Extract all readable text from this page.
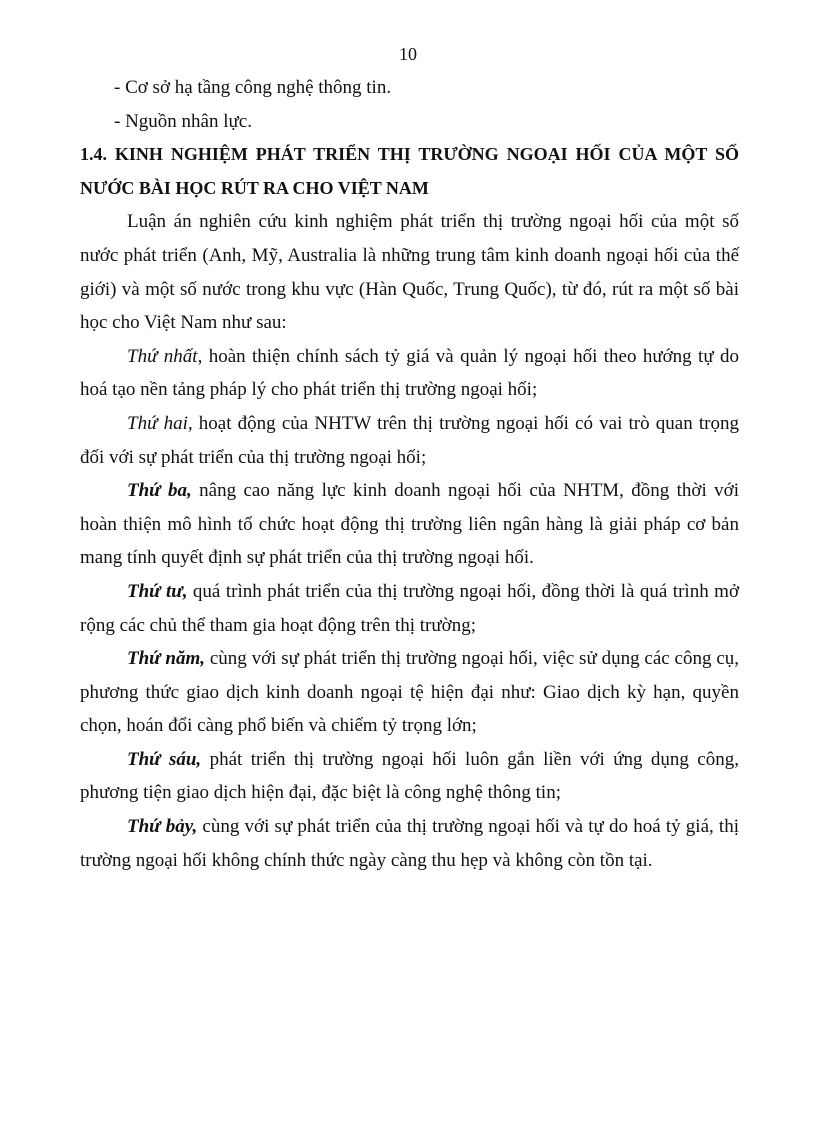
10

- Cơ sở hạ tầng công nghệ thông tin.

- Nguồn nhân lực.

1.4. KINH NGHIỆM PHÁT TRIỂN THỊ TRƯỜNG NGOẠI HỐI CỦA MỘT SỐ
NƯỚC BÀI HỌC RÚT RA CHO VIỆT NAM

Luận án nghiên cứu kinh nghiệm phát triển thị trường ngoại hối của một số nước phát triển (Anh, Mỹ, Australia là những trung tâm kinh doanh ngoại hối của thế giới) và một số nước trong khu vực (Hàn Quốc, Trung Quốc), từ đó, rút ra một số bài học cho Việt Nam như sau:

Thứ nhất, hoàn thiện chính sách tỷ giá và quản lý ngoại hối theo hướng tự do hoá tạo nền tảng pháp lý cho phát triển thị trường ngoại hối;

Thứ hai, hoạt động của NHTW trên thị trường ngoại hối có vai trò quan trọng đối với sự phát triển của thị trường ngoại hối;

Thứ ba, nâng cao năng lực kinh doanh ngoại hối của NHTM, đồng thời với hoàn thiện mô hình tổ chức hoạt động thị trường liên ngân hàng là giải pháp cơ bản mang tính quyết định sự phát triển của thị trường ngoại hối.

Thứ tư, quá trình phát triển của thị trường ngoại hối, đồng thời là quá trình mở rộng các chủ thể tham gia hoạt động trên thị trường;

Thứ năm, cùng với sự phát triển thị trường ngoại hối, việc sử dụng các công cụ, phương thức giao dịch kinh doanh ngoại tệ hiện đại như: Giao dịch kỳ hạn, quyền chọn, hoán đổi càng phổ biến và chiếm tỷ trọng lớn;

Thứ sáu, phát triển thị trường ngoại hối luôn gắn liền với ứng dụng công, phương tiện giao dịch hiện đại, đặc biệt là công nghệ thông tin;

Thứ bảy, cùng với sự phát triển của thị trường ngoại hối và tự do hoá tỷ giá, thị trường ngoại hối không chính thức ngày càng thu hẹp và không còn tồn tại.
